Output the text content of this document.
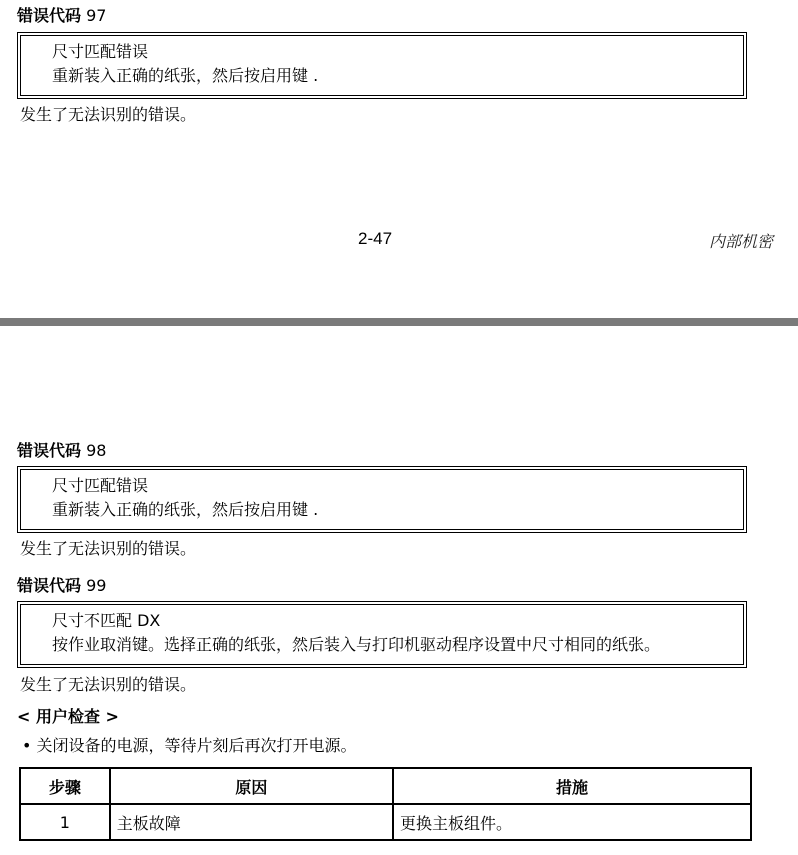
错误代码 97
尺寸匹配错误
重新装入正确的纸张，然后按启用键 .
发生了无法识别的错误。
2-47	内部机密
错误代码 98
尺寸匹配错误
重新装入正确的纸张，然后按启用键 .
发生了无法识别的错误。
错误代码 99
尺寸不匹配 DX
按作业取消键。选择正确的纸张，然后装入与打印机驱动程序设置中尺寸相同的纸张。
发生了无法识别的错误。
< 用户检查 >
• 关闭设备的电源，等待片刻后再次打开电源。
步骤	原因	措施
1	主板故障	更换主板组件。
